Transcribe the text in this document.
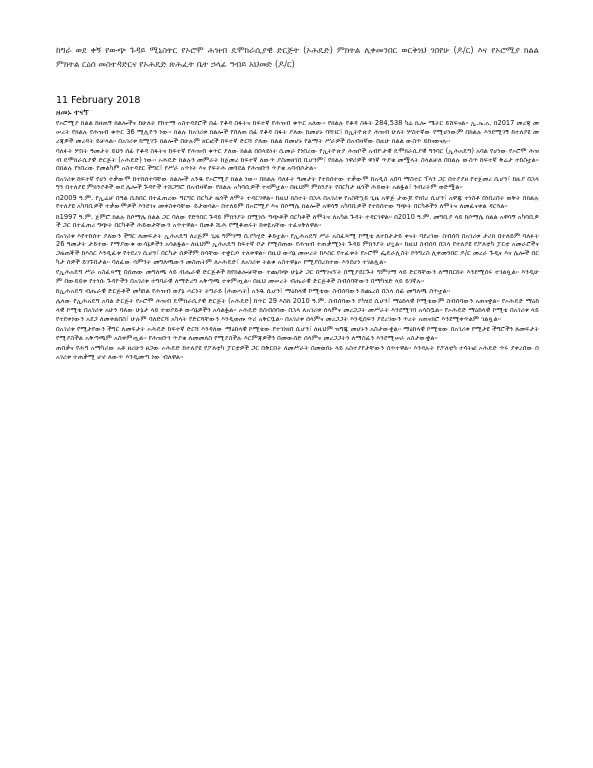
ከግራ ወደ ቀኝ የውጭ ጉዳይ ሚኒስትር የኦሮሞ ሕዝብ ዴሞክራሲያዊ ድርጅት (ኦሕዴድ) ምክትል ሊቀመንበር ወርቅነህ ገበየሁ (ዶ/ር) እና የኦሮሚያ ክልል ምክትል ርዕሰ መስተዳድርና የኦሕዴድ ጽሕፈት ቤት ኃላፊ ዓብይ አህመድ (ዶ/ር)

11 February 2018

ዘመኑ ተናኘ

የኦሮሚያ ክልል ከዘጠኝ ክልሎችና ከሁለት የከተማ አስተዳደሮች ሰፊ የቆዳ ስፋትና ከፍተኛ የሕዝብ ቁጥር አለው፡፡ የክልሉ የቆዳ ስፋት 284,538 ካሬ ኪሎ ሜትር ይሸፍናል፡፡ ኢ.ኤ.አ. በ2017 መረጃ መሠረት የክልሉ የሕዝብ ቁጥር 36 ሚሊዮን ነው፡፡ ክልሉ ከአገሪቱ ክልሎች የበለጠ ሰፊ የቆዳ ስፋት ያለው ከመሆኑ ባሻገር፣ ከኢትዮጵያ ሕዝብ ሁለት ሦስተኛው የሚሆነውም በክልሉ እንደሚገኝ ከተለያዩ መረጃዎች መረዳት ይቻላል፡፡ በአገሪቱ ከሚገኙ ክልሎች በሁሉም ዘርፎች ከፍተኛ ድርሻ ያለው ክልል በመሆኑ የልማት ሥራዎች በአብዛኛው በዚሁ ክልል ውስጥ ይከናወናሉ፡፡

ባለፉት ሦስት ዓመታት ይህን ሰፊ የቆዳ ስፋትና ከፍተኛ የሕዝብ ቁጥር ያለው ክልል በበላይነት ሲመራ የነበረው የኢትዮጵያ ሕዝቦች አብዮታዊ ዴሞክራሲያዊ ግንባር (ኢሕአዴግ) አባል የሆነው የኦሮሞ ሕዝብ ዴሞክራሲያዊ ድርጅት (ኦሕዴድ) ነው፡፡ ኦሕዴድ ክልሉን መምራት ከጀመረ ከፍተኛ ለውጥ ያስመዘገበ ቢሆንም፣ የክልሉ ነዋሪዎች ዋነኛ ጥያቄ መሟላት ስላልቻለ በክልሉ ውስጥ ከፍተኛ ቅሬታ ተከስቷል፡፡ በክልሉ የነበረው የመልካም አስተዳደር ችግር፣ የሥራ አጥነት እና የፍትሕ መጓደል የሕዝቡን ጥያቄ አባብሶታል፡፡

በአገሪቱ ከፍተኛ የሆነ ተቃውሞ ከተከሰተባቸው ክልሎች አንዱ የኦሮሚያ ክልል ነው፡፡ በክልሉ ባለፉት ዓመታት የተከሰተው ተቃውሞ ከአዲስ አበባ ማስተር ፕላን ጋር በተያያዘ የተጀመረ ሲሆን፣ ከዚያ በኋላ ግን በተለያዩ ምክንያቶች ወደ ሌሎች ጉዳዮች ተሸጋግሮ በአብዛኛው የክልሉ አካባቢዎች ተዛምቷል፡፡ በዚህም ምክንያት የበርካታ ዜጎች ሕይወት አልፏል፣ ንብረትም ወድሟል፡፡

በ2009 ዓ.ም. የኢሬቻ በዓል ሲከበር በተፈጠረው ግርግር በርካታ ዜጎች ለሞት ተዳርገዋል፡፡ ከዚህ ክስተት በኋላ በአገሪቱ የአስቸኳይ ጊዜ አዋጅ ታውጆ የነበረ ሲሆን፣ አዋጁ ተነስቶ በነበረበት ወቅት በክልሉ የተለያዩ አካባቢዎች ተቃውሞዎች እንደገና መቀስቀሳቸው ይታወሳል፡፡ በተለይም በኦሮሚያ እና በሶማሌ ክልሎች አዋሳኝ አካባቢዎች የተከሰተው ግጭት በርካቶችን ለሞትና ለመፈናቀል ዳርጓል፡፡

ከ1997 ዓ.ም. ጀምሮ ክልሉ ከሶማሌ ክልል ጋር ባለው የድንበር ጉዳይ ምክንያት በሚነሱ ግጭቶች በርካቶች ለሞትና ለአካል ጉዳት ተዳርገዋል፡፡ በ2010 ዓ.ም. መግቢያ ላይ ከሶማሌ ክልል አዋሳኝ አካባቢዎች ጋር በተፈጠረ ግጭት በርካቶች ሕይወታቸውን አጥተዋል፡፡ በመቶ ሺሕ የሚቆጠሩት ከቀዬአቸው ተፈናቅለዋል፡፡

በአገሪቱ እየተከሰተ ያለውን ችግር ለመፍታት ኢሕአዴግ ለረጅም ጊዜ ግምገማ ሲያካሂድ ቆይቷል፡፡ የኢሕአዴግ ሥራ አስፈጻሚ ኮሚቴ ለተከታታይ ቀናት ባደረገው ስብሰባ በአገሪቱ ታሪክ በተለይም ባለፉት 26 ዓመታት ታይተው የማያውቁ ውሳኔዎችን አሳልፏል፡፡ ለዚህም ኢሕአዴግ ከፍተኛ ቦታ የሚሰጠው የሕዝብ ተጠቃሚነት ጉዳይ ምክንያት ሆኗል፡፡ ከዚህ ስብሰባ በኋላ የተለያዩ የፖለቲካ ፓርቲ አመራሮችና ጋዜጠኞች ከእስር እንዲፈቱ የተደረገ ሲሆን፣ በርካታ ሰዎችም ክሳቸው ተቋርጦ ተለቀዋል፡፡ በዚህ ውሳኔ መሠረት ከእስር የተፈቱት የኦሮሞ ፌዴራሊስት ኮንግረስ ሊቀመንበር ዶ/ር መረራ ጉዲና እና ሌሎች በርካታ ሰዎች ይገኙበታል፡፡ ባለፈው ሳምንት መግለጫውን መስጠትም ለኦሕዴድ፣ ለአገሪቱ ትልቁ አስተዋፅኦ የሚያበረክተው እንደሆነ ተገልጿል፡፡

የኢሕአዴግ ሥራ አስፈጻሚ በሰጠው መግለጫ ላይ ብሔራዊ ድርጅቶች ከየክልሎቻቸው ተጨባጭ ሁኔታ ጋር በማገናኘት በሚያደርጉት ግምገማ ላይ ድርሻቸውን ለማበርከት እንደሚሰሩ ተገልጿል፡፡ እንዲሁም በውይይቱ የተነሱ ጉዳዮችን በአገሪቱ ተግባራዊ ለማድረግ አቅጣጫ ተቀምጧል፡፡ በዚህ መሠረት ብሔራዊ ድርጅቶች ስብሰባቸውን በማካሄድ ላይ ይገኛሉ፡፡

ከኢሕአዴግ ብሔራዊ ድርጅቶች መካከል የሕዝብ ወያኔ ሓርነት ትግራይ (ሕወሓት) አንዱ ሲሆን፣ ማዕከላዊ ኮሚቴው ስብሰባውን ከጨረሰ በኋላ ሰፊ መግለጫ ሰጥቷል፡፡

ሌላው የኢሕአዴግ አባል ድርጅት የኦሮሞ ሕዝብ ዴሞክራሲያዊ ድርጅት (ኦሕዴድ) ከጥር 29 እስከ 2010 ዓ.ም. ስብሰባውን ያካሄደ ሲሆን፣ ማዕከላዊ ኮሚቴውም ስብሰባውን አጠናቋል፡፡ የኦሕዴድ ማዕከላዊ ኮሚቴ በአገሪቱ አሁን ባለው ሁኔታ ላይ ተወያይቶ ውሳኔዎችን አሳልፏል፡፡ ኦሕዴድ ከስብሰባው በኋላ ለአገሪቱ ሰላምና መረጋጋት መሥራት እንደሚገባ አሳስቧል፡፡ የኦሕዴድ ማዕከላዊ ኮሚቴ በአገሪቱ ላይ የተደቀነውን አደጋ ለመቀልበስ፣ ሁሉም ባለድርሻ አካላት የድርሻቸውን እንዲወጡ ጥሪ አቅርቧል፡፡ በአገሪቱ ሰላምና መረጋጋት እንዲሰፍን ያደረገውን ጥረት አጠናክሮ እንደሚቀጥልም ገልጿል፡፡

በአገሪቱ የሚታየውን ችግር ለመፍታት ኦሕዴድ ከፍተኛ ድርሻ እንዳለው ማዕከላዊ ኮሚቴው የተገነዘበ ሲሆን፣ ለዚህም ዝግጁ መሆኑን አስታውቋል፡፡ ማዕከላዊ ኮሚቴው በአገሪቱ የሚታዩ ችግሮችን ለመፍታት የሚያስችል አቅጣጫም አስቀምጧል፡፡ የሕዝቡን ጥያቄ ለመመለስ የሚያስችሉ እርምጃዎችን በመውሰድ ሰላምና መረጋጋትን ለማስፈን እንደሚሠራ አስታውቋል፡፡

ጠበቃና የሕግ አማካሪው አቶ ዘሪሁን ፀጋው ኦሕዴድ ከተለያዩ የፖለቲካ ፓርቲዎች ጋር በቅርበት ለመሥራት በመወሰኑ ላይ አስተያየታቸውን ሰጥተዋል፡፡ እንዳሉት የፖለቲካ ተሳትፎ ኦሕዴድ ጥሩ ያቀረበው በአገሪቱ ተጠቃሚ ሆኖ ለውጥ እንዲመጣ ነው ብለዋል፡፡
